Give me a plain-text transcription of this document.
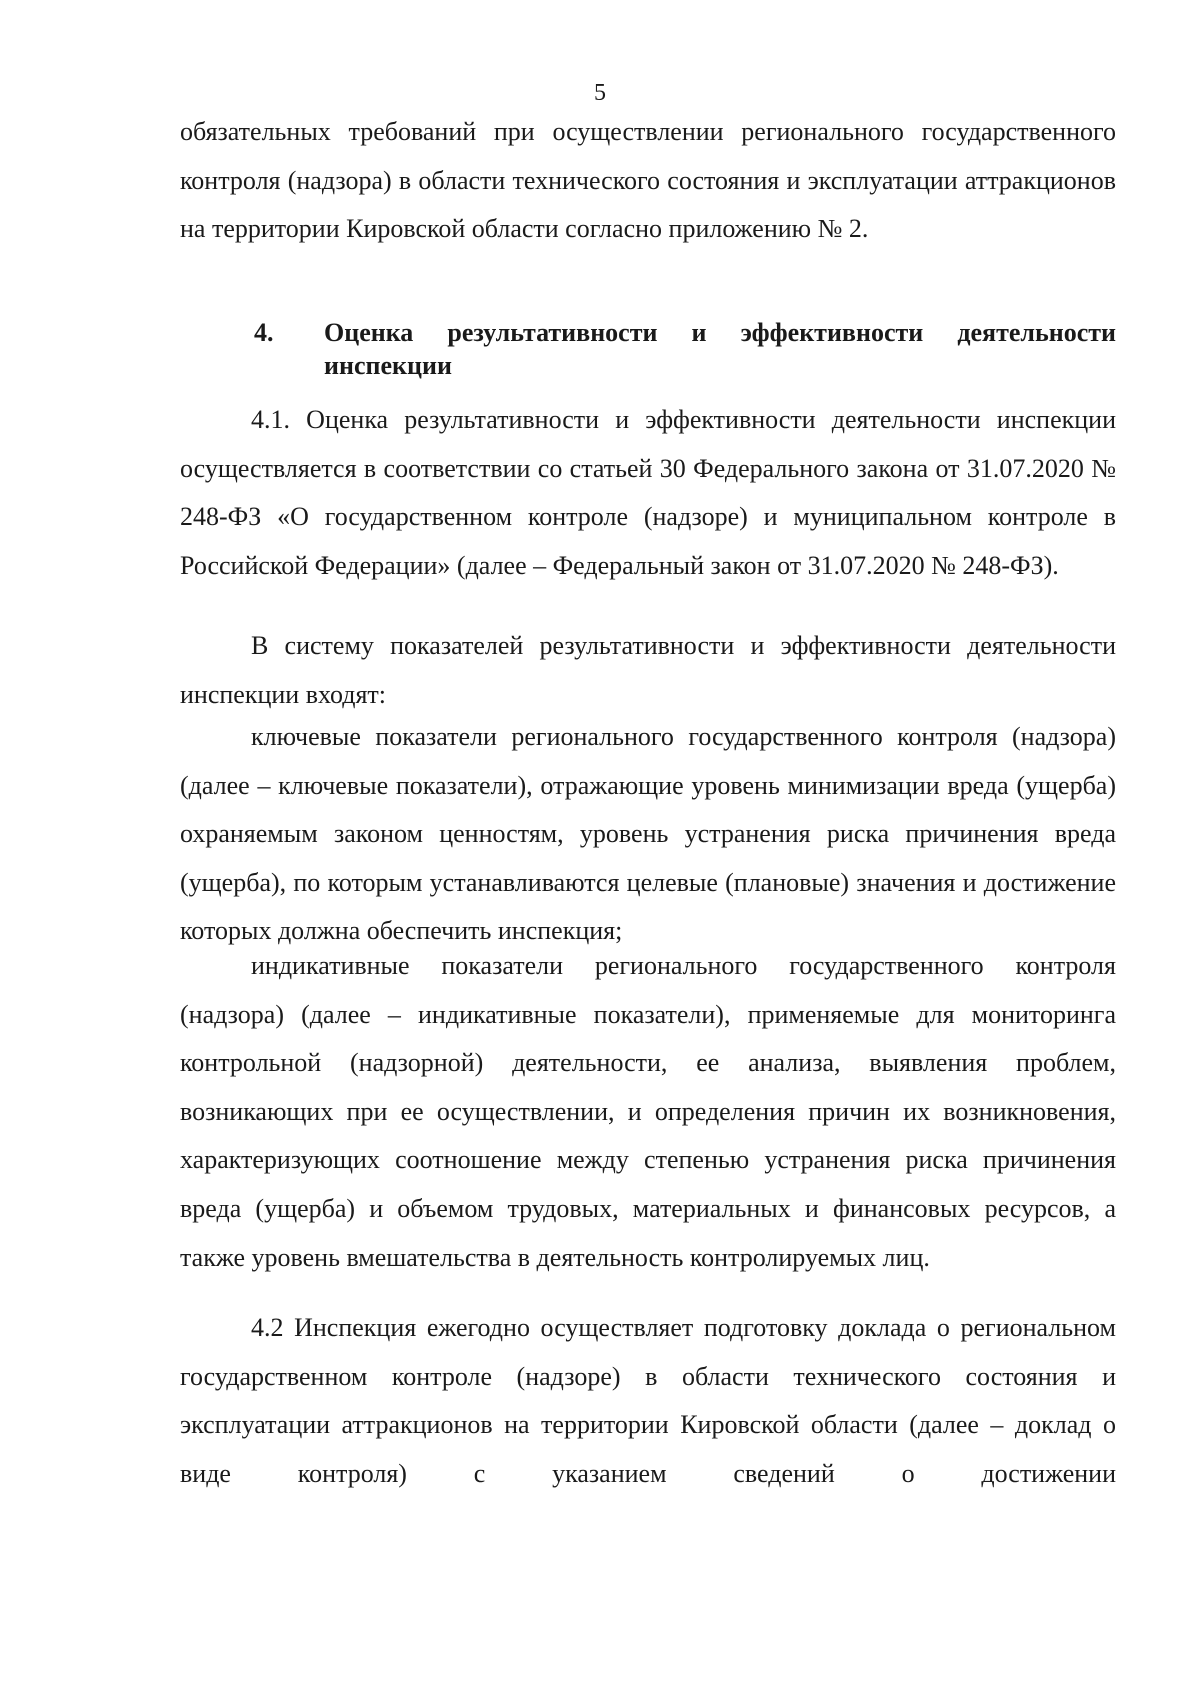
5

обязательных требований при осуществлении регионального государственного контроля (надзора) в области технического состояния и эксплуатации аттракционов на территории Кировской области согласно приложению № 2.

4. Оценка результативности и эффективности деятельности инспекции

4.1. Оценка результативности и эффективности деятельности инспекции осуществляется в соответствии со статьей 30 Федерального закона от 31.07.2020 № 248-ФЗ «О государственном контроле (надзоре) и муниципальном контроле в Российской Федерации» (далее – Федеральный закон от 31.07.2020 № 248-ФЗ).

В систему показателей результативности и эффективности деятельности инспекции входят:

ключевые показатели регионального государственного контроля (надзора) (далее – ключевые показатели), отражающие уровень минимизации вреда (ущерба) охраняемым законом ценностям, уровень устранения риска причинения вреда (ущерба), по которым устанавливаются целевые (плановые) значения и достижение которых должна обеспечить инспекция;

индикативные показатели регионального государственного контроля (надзора) (далее – индикативные показатели), применяемые для мониторинга контрольной (надзорной) деятельности, ее анализа, выявления проблем, возникающих при ее осуществлении, и определения причин их возникновения, характеризующих соотношение между степенью устранения риска причинения вреда (ущерба) и объемом трудовых, материальных и финансовых ресурсов, а также уровень вмешательства в деятельность контролируемых лиц.

4.2 Инспекция ежегодно осуществляет подготовку доклада о региональном государственном контроле (надзоре) в области технического состояния и эксплуатации аттракционов на территории Кировской области (далее – доклад о виде контроля) с указанием сведений о достижении
